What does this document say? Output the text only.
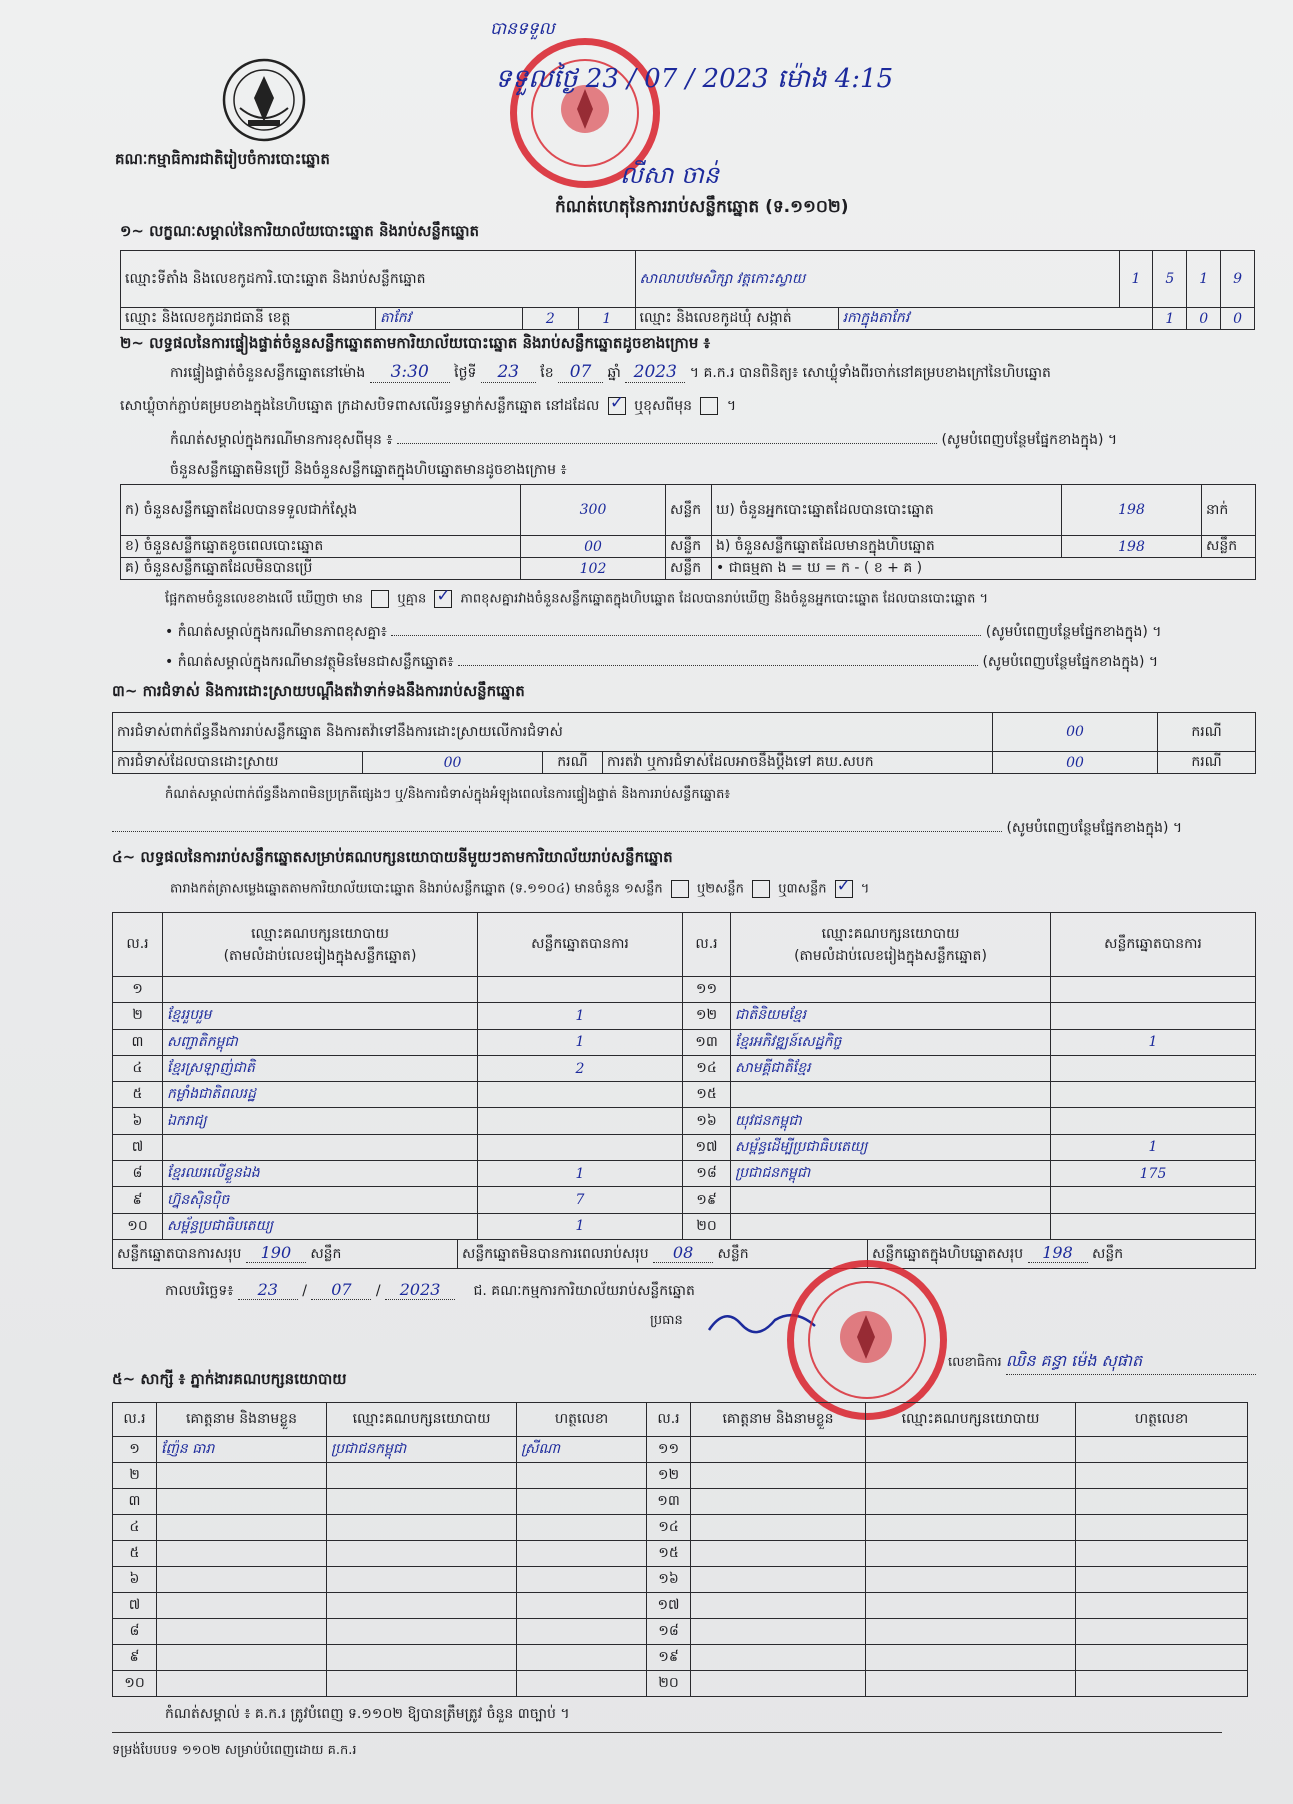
គណៈកម្មាធិការជាតិរៀបចំការបោះឆ្នោត
បានទទួល
ទទួលថ្ងៃ 23 / 07 / 2023 ម៉ោង 4:15
លីសា ចាន់
កំណត់ហេតុនៃការរាប់សន្លឹកឆ្នោត (ទ.១១០២)
១~ លក្ខណៈសម្គាល់នៃការិយាល័យបោះឆ្នោត និងរាប់សន្លឹកឆ្នោត
ឈ្មោះទីតាំង និងលេខកូដការិ.បោះឆ្នោត និងរាប់សន្លឹកឆ្នោត				សាលាបឋមសិក្សា វត្តកោះស្វាយ		1	5	1	9
ឈ្មោះ និងលេខកូដរាជធានី ខេត្ត	តាកែវ	2	1	ឈ្មោះ និងលេខកូដឃុំ សង្កាត់	រកាក្នុងតាកែវ		1	0	0
២~ លទ្ធផលនៃការផ្ទៀងផ្ទាត់ចំនួនសន្លឹកឆ្នោតតាមការិយាល័យបោះឆ្នោត និងរាប់សន្លឹកឆ្នោតដូចខាងក្រោម ៖
ការផ្ទៀងផ្ទាត់ចំនួនសន្លឹកឆ្នោតនៅម៉ោង 3:30 ថ្ងៃទី 23 ខែ 07 ឆ្នាំ 2023 ។ គ.ក.រ បានពិនិត្យ៖ សោឃ្លុំទាំងពីរចាក់នៅគម្របខាងក្រៅនៃហិបឆ្នោត
សោឃ្លុំចាក់ភ្ជាប់គម្របខាងក្នុងនៃហិបឆ្នោត ក្រដាសបិទពាសលើរន្ធទម្លាក់សន្លឹកឆ្នោត នៅដដែល ✓ ឬខុសពីមុន  ។
កំណត់សម្គាល់ក្នុងករណីមានការខុសពីមុន ៖	(សូមបំពេញបន្ថែមផ្នែកខាងក្នុង) ។
ចំនួនសន្លឹកឆ្នោតមិនប្រើ និងចំនួនសន្លឹកឆ្នោតក្នុងហិបឆ្នោតមានដូចខាងក្រោម ៖
ក) ចំនួនសន្លឹកឆ្នោតដែលបានទទួលជាក់ស្ដែង	300	សន្លឹក	ឃ) ចំនួនអ្នកបោះឆ្នោតដែលបានបោះឆ្នោត	198	នាក់
ខ) ចំនួនសន្លឹកឆ្នោតខូចពេលបោះឆ្នោត	00	សន្លឹក	ង) ចំនួនសន្លឹកឆ្នោតដែលមានក្នុងហិបឆ្នោត	198	សន្លឹក
គ) ចំនួនសន្លឹកឆ្នោតដែលមិនបានប្រើ	102	សន្លឹក	• ជាធម្មតា ង = ឃ = ក - ( ខ + គ )		
ផ្អែកតាមចំនួនលេខខាងលើ ឃើញថា មាន	ឬគ្មាន ✓	ភាពខុសគ្នារវាងចំនួនសន្លឹកឆ្នោតក្នុងហិបឆ្នោត ដែលបានរាប់ឃើញ និងចំនួនអ្នកបោះឆ្នោត ដែលបានបោះឆ្នោត ។
• កំណត់សម្គាល់ក្នុងករណីមានភាពខុសគ្នា៖	(សូមបំពេញបន្ថែមផ្នែកខាងក្នុង) ។
• កំណត់សម្គាល់ក្នុងករណីមានវត្ថុមិនមែនជាសន្លឹកឆ្នោត៖	(សូមបំពេញបន្ថែមផ្នែកខាងក្នុង) ។
៣~ ការជំទាស់ និងការដោះស្រាយបណ្ដឹងតវ៉ាទាក់ទងនឹងការរាប់សន្លឹកឆ្នោត
ការជំទាស់ពាក់ព័ន្ធនឹងការរាប់សន្លឹកឆ្នោត និងការតវ៉ាទៅនឹងការដោះស្រាយលើការជំទាស់				00	ករណី
ការជំទាស់ដែលបានដោះស្រាយ	00	ករណី	ការតវ៉ា ឬការជំទាស់ដែលអាចនឹងប្ដឹងទៅ គឃ.សបក	00	ករណី
កំណត់សម្គាល់ពាក់ព័ន្ធនឹងភាពមិនប្រក្រតីផ្សេងៗ ឬ/និងការជំទាស់ក្នុងអំឡុងពេលនៃការផ្ទៀងផ្ទាត់ និងការរាប់សន្លឹកឆ្នោត៖
(សូមបំពេញបន្ថែមផ្នែកខាងក្នុង) ។
៤~ លទ្ធផលនៃការរាប់សន្លឹកឆ្នោតសម្រាប់គណបក្សនយោបាយនីមួយៗតាមការិយាល័យរាប់សន្លឹកឆ្នោត
តារាងកត់ត្រាសម្លេងឆ្នោតតាមការិយាល័យបោះឆ្នោត និងរាប់សន្លឹកឆ្នោត (ទ.១១០៤) មានចំនួន ១សន្លឹក	ឬ២សន្លឹក	ឬ៣សន្លឹក ✓ ។
ល.រ	ឈ្មោះគណបក្សនយោបាយ
(តាមលំដាប់លេខរៀងក្នុងសន្លឹកឆ្នោត)	សន្លឹកឆ្នោតបានការ	ល.រ	ឈ្មោះគណបក្សនយោបាយ
(តាមលំដាប់លេខរៀងក្នុងសន្លឹកឆ្នោត)	សន្លឹកឆ្នោតបានការ
១			១១		
២	ខ្មែររួបរួម	1	១២	ជាតិនិយមខ្មែរ	
៣	សញ្ជាតិកម្ពុជា	1	១៣	ខ្មែរអភិវឌ្ឍន៍សេដ្ឋកិច្ច	1
៤	ខ្មែរស្រឡាញ់ជាតិ	2	១៤	សាមគ្គីជាតិខ្មែរ	
៥	កម្លាំងជាតិពលរដ្ឋ		១៥		
៦	ឯករាជ្យ		១៦	យុវជនកម្ពុជា	
៧			១៧	សម្ព័ន្ធដើម្បីប្រជាធិបតេយ្យ	1
៨	ខ្មែរឈរលើខ្លួនឯង	1	១៨	ប្រជាជនកម្ពុជា	175
៩	ហ្វ៊ុនស៊ិនប៉ិច	7	១៩		
១០	សម្ព័ន្ធប្រជាធិបតេយ្យ	1	២០		
សន្លឹកឆ្នោតបានការសរុប 190 សន្លឹក	សន្លឹកឆ្នោតមិនបានការពេលរាប់សរុប 08 សន្លឹក	សន្លឹកឆ្នោតក្នុងហិបឆ្នោតសរុប 198 សន្លឹក
កាលបរិច្ឆេទ៖ 23 / 07 / 2023 ជ. គណៈកម្មការការិយាល័យរាប់សន្លឹកឆ្នោត
ប្រធាន
លេខាធិការ ឈិន គន្ធា ម៉េង សុផាត
៥~ សាក្សី ៖ ភ្នាក់ងារគណបក្សនយោបាយ
ល.រ	គោត្តនាម និងនាមខ្លួន	ឈ្មោះគណបក្សនយោបាយ	ហត្ថលេខា	ល.រ	គោត្តនាម និងនាមខ្លួន	ឈ្មោះគណបក្សនយោបាយ	ហត្ថលេខា
១	ញ៉ែន ធារា	ប្រជាជនកម្ពុជា	ស្រីណា	១១			
២				១២			
៣				១៣			
៤				១៤			
៥				១៥			
៦				១៦			
៧				១៧			
៨				១៨			
៩				១៩			
១០				២០			
កំណត់សម្គាល់ ៖ គ.ក.រ ត្រូវបំពេញ ទ.១១០២ ឱ្យបានត្រឹមត្រូវ ចំនួន ៣ច្បាប់ ។
ទម្រង់បែបបទ ១១០២ សម្រាប់បំពេញដោយ គ.ក.រ
